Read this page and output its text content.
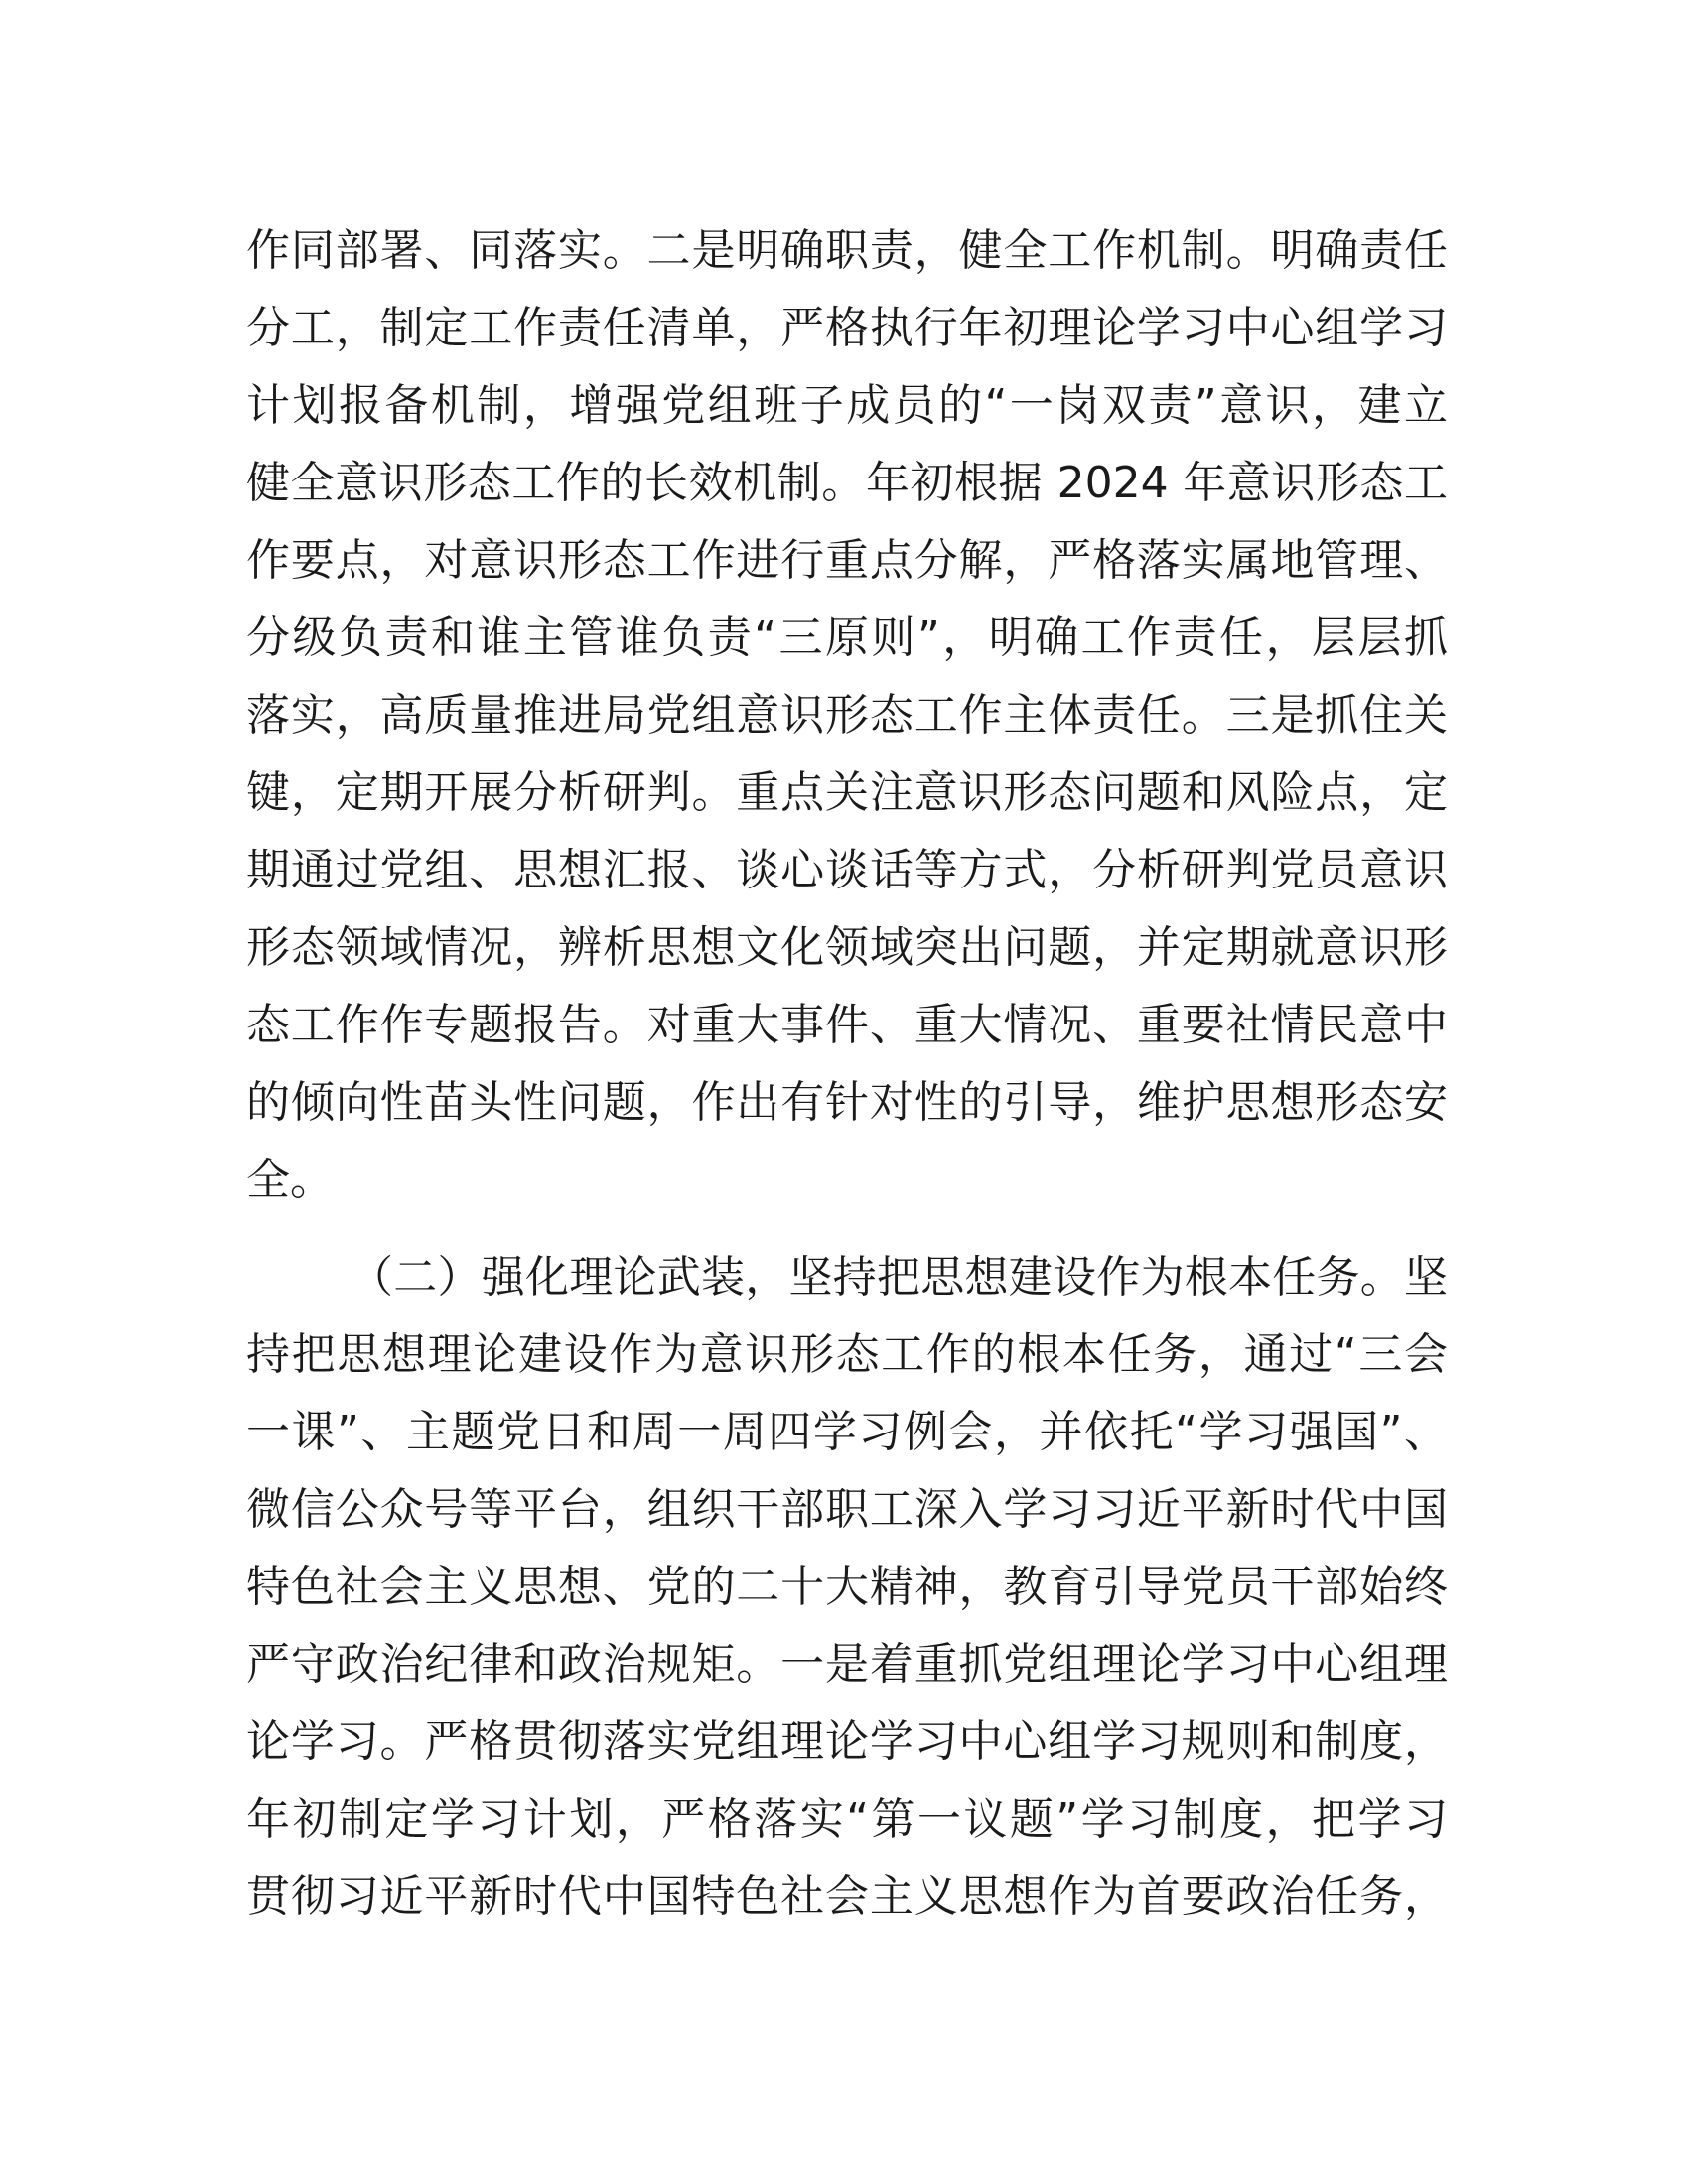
作同部署、同落实。二是明确职责，健全工作机制。明确责任
分工，制定工作责任清单，严格执行年初理论学习中心组学习
计划报备机制，增强党组班子成员的“一岗双责”意识，建立
健全意识形态工作的长效机制。年初根据 2024 年意识形态工
作要点，对意识形态工作进行重点分解，严格落实属地管理、
分级负责和谁主管谁负责“三原则”，明确工作责任，层层抓
落实，高质量推进局党组意识形态工作主体责任。三是抓住关
键，定期开展分析研判。重点关注意识形态问题和风险点，定
期通过党组、思想汇报、谈心谈话等方式，分析研判党员意识
形态领域情况，辨析思想文化领域突出问题，并定期就意识形
态工作作专题报告。对重大事件、重大情况、重要社情民意中
的倾向性苗头性问题，作出有针对性的引导，维护思想形态安
全。
（二）强化理论武装，坚持把思想建设作为根本任务。坚
持把思想理论建设作为意识形态工作的根本任务，通过“三会
一课”、主题党日和周一周四学习例会，并依托“学习强国”、
微信公众号等平台，组织干部职工深入学习习近平新时代中国
特色社会主义思想、党的二十大精神，教育引导党员干部始终
严守政治纪律和政治规矩。一是着重抓党组理论学习中心组理
论学习。严格贯彻落实党组理论学习中心组学习规则和制度，
年初制定学习计划，严格落实“第一议题”学习制度，把学习
贯彻习近平新时代中国特色社会主义思想作为首要政治任务，
